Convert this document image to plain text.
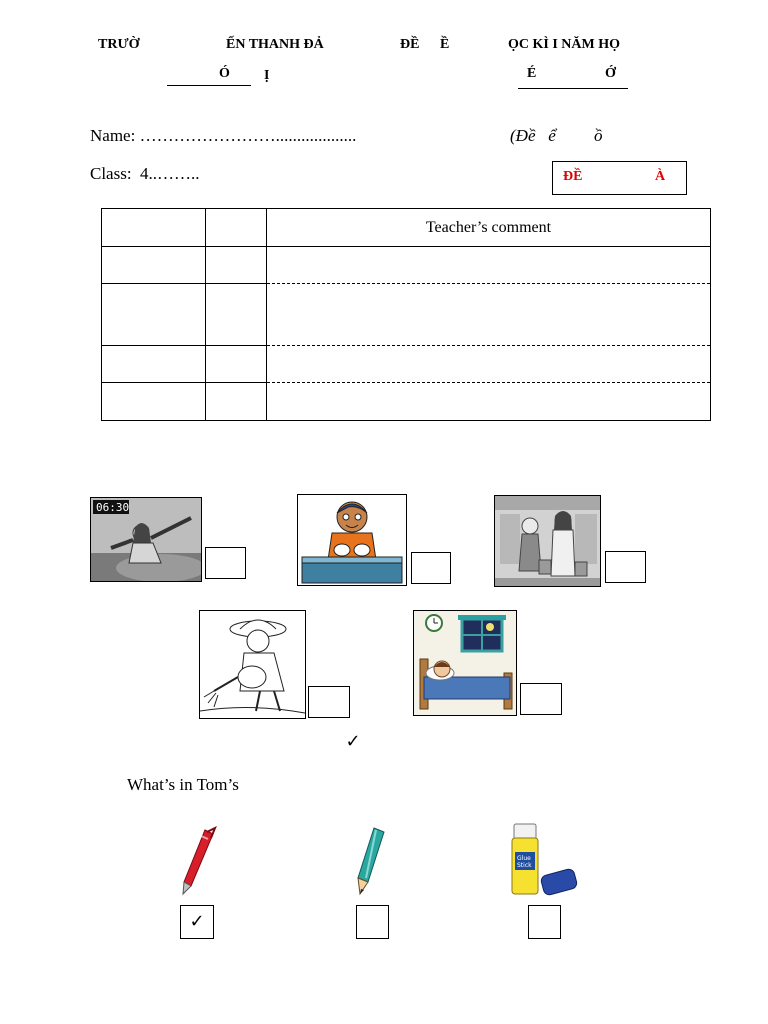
TRƯỜ	ẾN THANH ĐẢ	ĐỀ Ề	ỌC KÌ I NĂM HỌ
Ó Ị	É	Ớ
Name: ……………………...................	(Đề   ể         ồ
Class:  4..……..	ĐỀ	À
		Teacher’s comment

06:30
✓
What’s in Tom’s
Glue
Stick
✓
